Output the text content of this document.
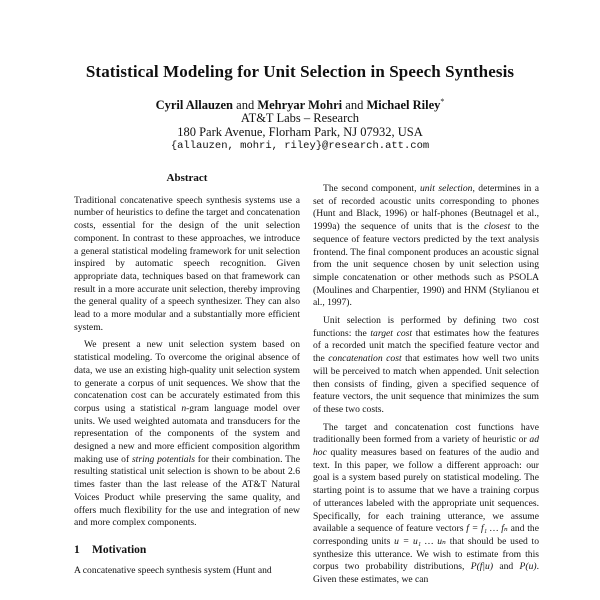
Statistical Modeling for Unit Selection in Speech Synthesis
Cyril Allauzen and Mehryar Mohri and Michael Riley*
AT&T Labs – Research
180 Park Avenue, Florham Park, NJ 07932, USA
{allauzen, mohri, riley}@research.att.com
Abstract

Traditional concatenative speech synthesis systems use a number of heuristics to define the target and concatenation costs, essential for the design of the unit selection component. In contrast to these approaches, we introduce a general statistical modeling framework for unit selection inspired by automatic speech recognition. Given appropriate data, techniques based on that framework can result in a more accurate unit selection, thereby improving the general quality of a speech synthesizer. They can also lead to a more modular and a substantially more efficient system.

We present a new unit selection system based on statistical modeling. To overcome the original absence of data, we use an existing high-quality unit selection system to generate a corpus of unit sequences. We show that the concatenation cost can be accurately estimated from this corpus using a statistical n-gram language model over units. We used weighted automata and transducers for the representation of the components of the system and designed a new and more efficient composition algorithm making use of string potentials for their combination. The resulting statistical unit selection is shown to be about 2.6 times faster than the last release of the AT&T Natural Voices Product while preserving the same quality, and offers much flexibility for the use and integration of new and more complex components.

1 Motivation

A concatenative speech synthesis system (Hunt and

The second component, unit selection, determines in a set of recorded acoustic units corresponding to phones (Hunt and Black, 1996) or half-phones (Beutnagel et al., 1999a) the sequence of units that is the closest to the sequence of feature vectors predicted by the text analysis frontend. The final component produces an acoustic signal from the unit sequence chosen by unit selection using simple concatenation or other methods such as PSOLA (Moulines and Charpentier, 1990) and HNM (Stylianou et al., 1997).

Unit selection is performed by defining two cost functions: the target cost that estimates how the features of a recorded unit match the specified feature vector and the concatenation cost that estimates how well two units will be perceived to match when appended. Unit selection then consists of finding, given a specified sequence of feature vectors, the unit sequence that minimizes the sum of these two costs.

The target and concatenation cost functions have traditionally been formed from a variety of heuristic or ad hoc quality measures based on features of the audio and text. In this paper, we follow a different approach: our goal is a system based purely on statistical modeling. The starting point is to assume that we have a training corpus of utterances labeled with the appropriate unit sequences. Specifically, for each training utterance, we assume available a sequence of feature vectors f = f₁ … fₙ and the corresponding units u = u₁ … uₙ that should be used to synthesize this utterance. We wish to estimate from this corpus two probability distributions, P(f|u) and P(u). Given these estimates, we can
